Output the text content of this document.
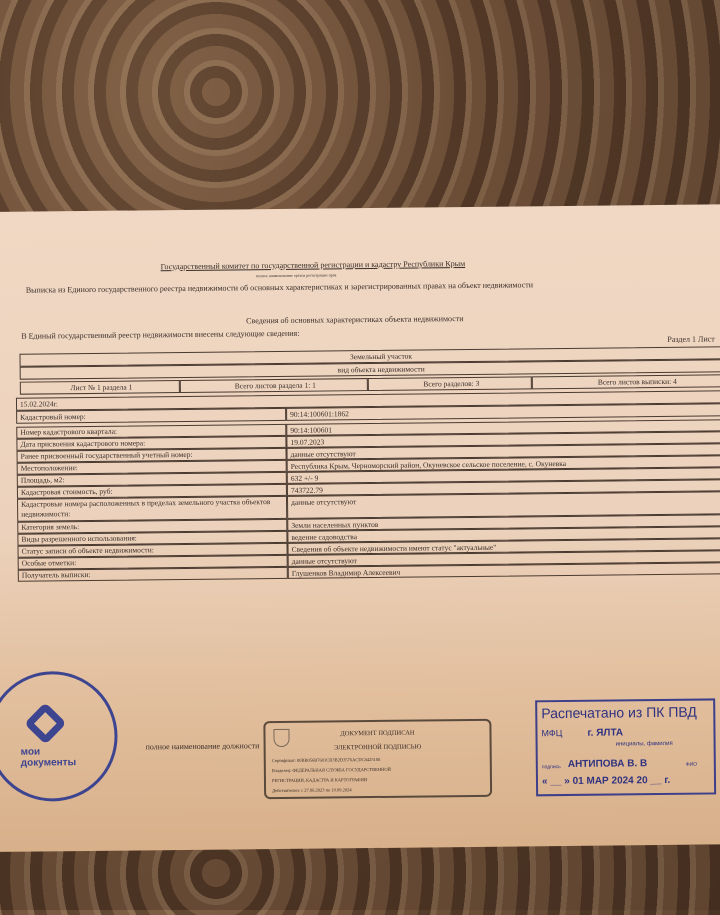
Государственный комитет по государственной регистрации и кадастру Республики Крым
полное наименование органа регистрации прав
Выписка из Единого государственного реестра недвижимости об основных характеристиках и зарегистрированных правах на объект недвижимости
Сведения об основных характеристиках объекта недвижимости
В Единый государственный реестр недвижимости внесены следующие сведения:	Раздел 1 Лист
Земельный участок
вид объекта недвижимости
Лист № 1 раздела 1	Всего листов раздела 1: 1	Всего разделов: 3	Всего листов выписки: 4
15.02.2024г.
Кадастровый номер:	90:14:100601:1862
Номер кадастрового квартала:	90:14:100601
Дата присвоения кадастрового номера:	19.07.2023
Ранее присвоенный государственный учетный номер:	данные отсутствуют
Местоположение:	Республика Крым, Черноморский район, Окуневское сельское поселение, с. Окуневка
Площадь, м2:	632 +/- 9
Кадастровая стоимость, руб:	743722.79
Кадастровые номера расположенных в пределах земельного участка объектов недвижимости:
данные отсутствуют
Категория земель:	Земли населенных пунктов
Виды разрешенного использования:	ведение садоводства
Статус записи об объекте недвижимости:	Сведения об объекте недвижимости имеют статус "актуальные"
Особые отметки:	данные отсутствуют
Получатель выписки:	Глушенков Владимир Алексеевич
полное наименование должности
мои
документы
ДОКУМЕНТ ПОДПИСАН
ЭЛЕКТРОННОЙ ПОДПИСЬЮ
Сертификат: 00BB056B7601CB3B2D3576ACDC8425108
Владелец: ФЕДЕРАЛЬНАЯ СЛУЖБА ГОСУДАРСТВЕННОЙ
РЕГИСТРАЦИИ, КАДАСТРА И КАРТОГРАФИИ
Действителен: с 27.06.2023 по 19.09.2024
Распечатано из ПК ПВД
МФЦ г. ЯЛТА
инициалы, фамилия
подпись АНТИПОВА В. В	ФИО
« __ » 01 МАР 2024 20 __ г.
